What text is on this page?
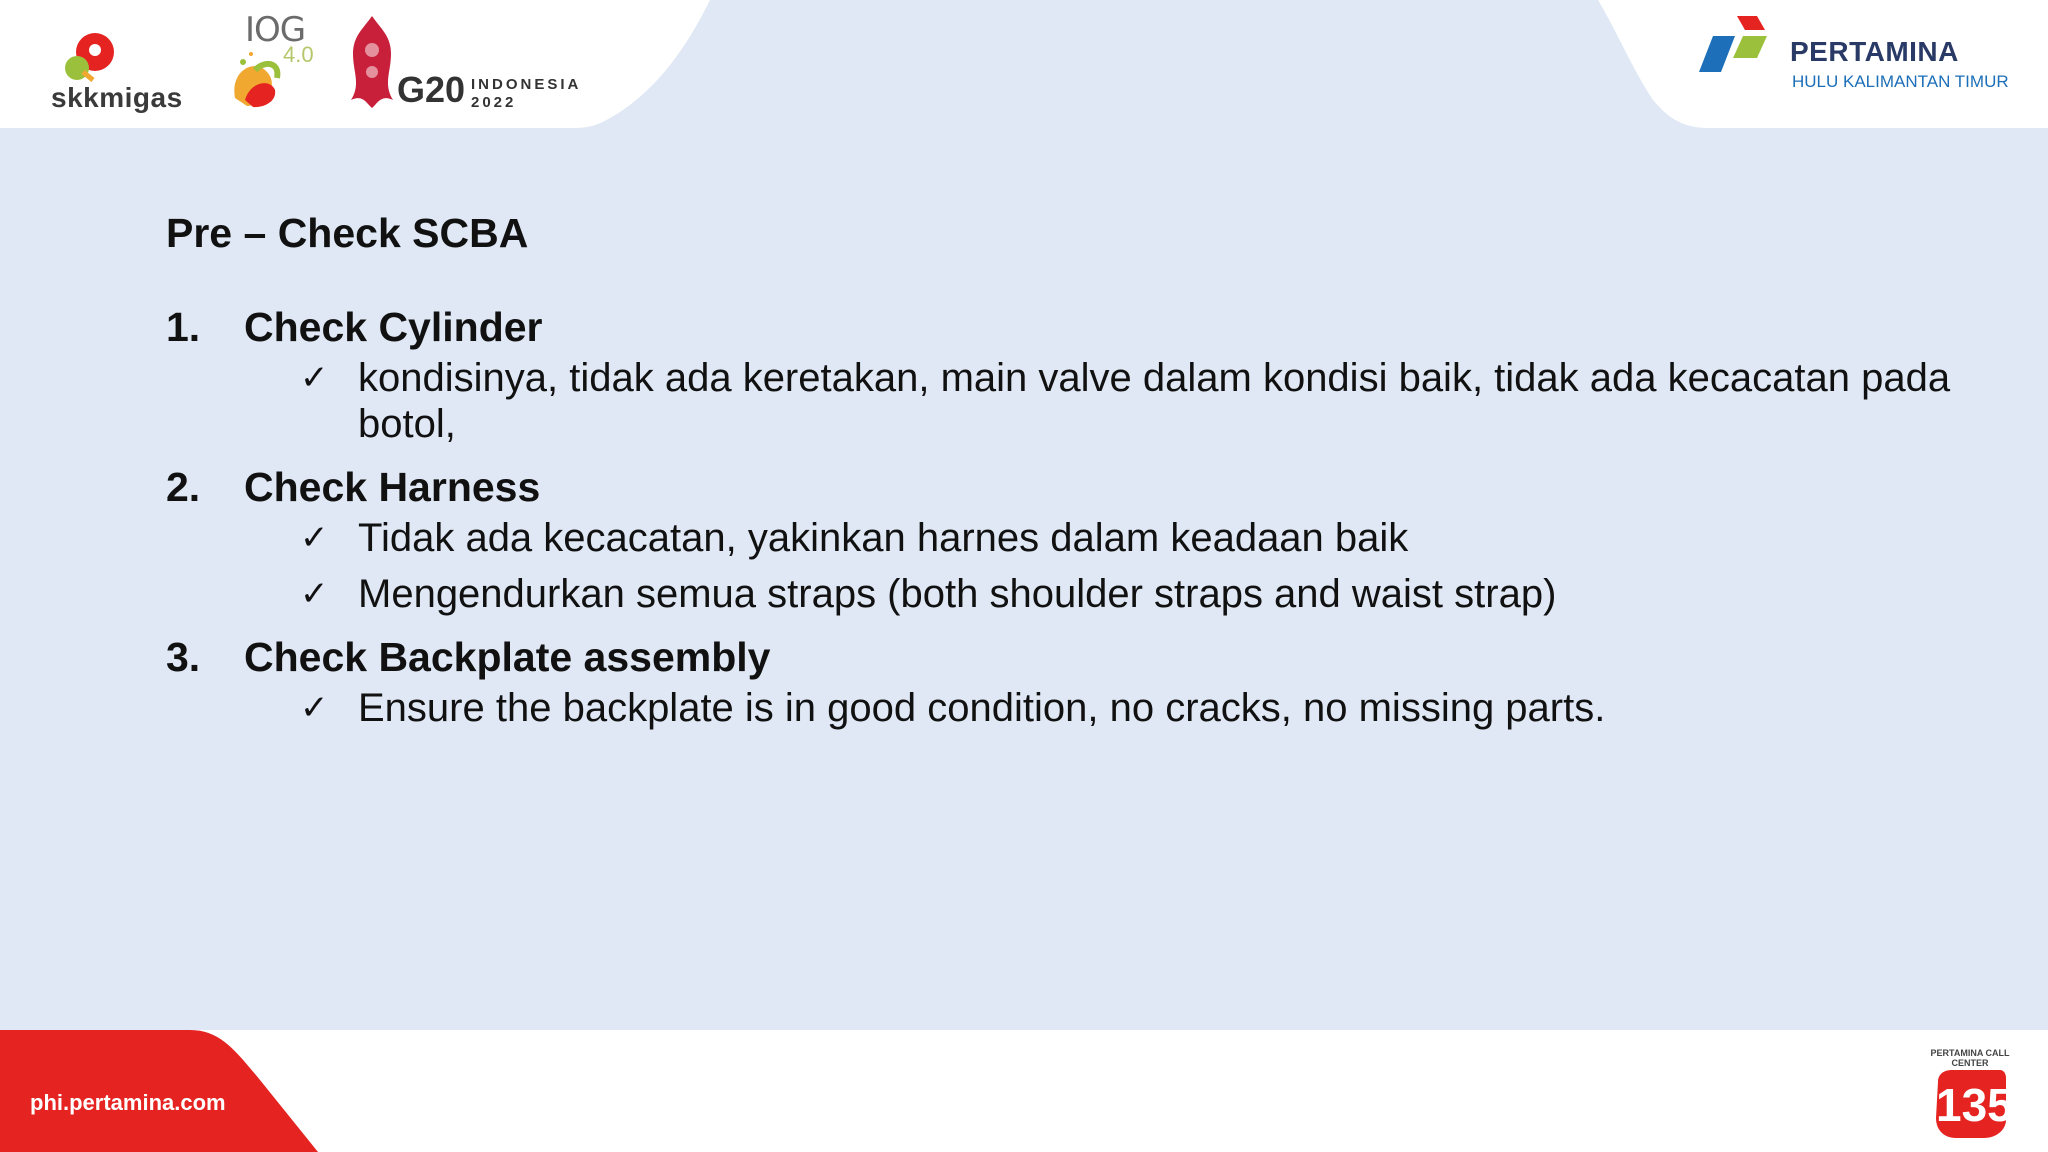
skkmigas
IOG
4.0
G20 INDONESIA
2022
PERTAMINA
HULU KALIMANTAN TIMUR
Pre – Check SCBA
1.	Check Cylinder
✓ kondisinya, tidak ada keretakan, main valve dalam kondisi baik, tidak ada kecacatan pada botol,
2.	Check Harness
✓ Tidak ada kecacatan, yakinkan harnes dalam keadaan baik
✓ Mengendurkan semua straps (both shoulder straps and waist strap)
3.	Check Backplate assembly
✓ Ensure the backplate is in good condition, no cracks, no missing parts.
phi.pertamina.com
PERTAMINA CALL CENTER
135
